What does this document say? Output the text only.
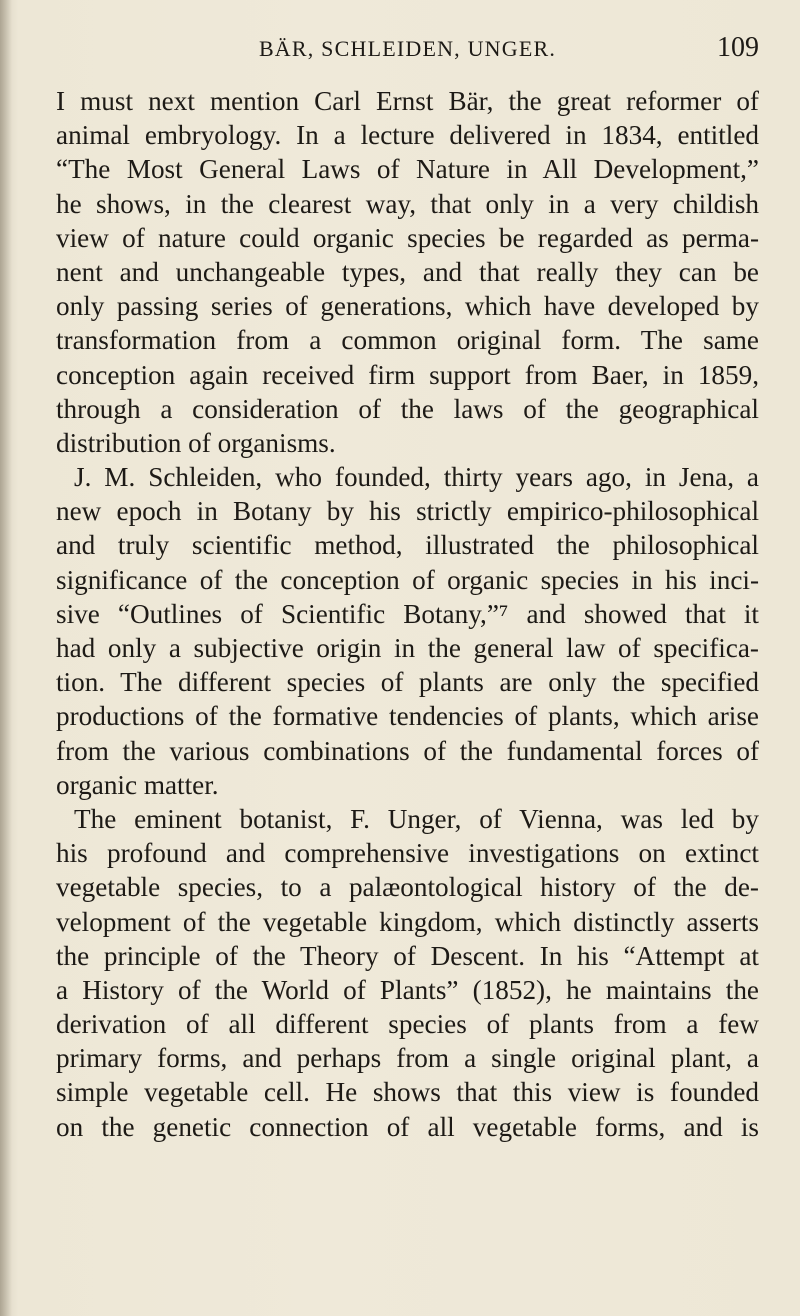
BÄR, SCHLEIDEN, UNGER.	109
I must next mention Carl Ernst Bär, the great reformer of
animal embryology. In a lecture delivered in 1834, entitled
“The Most General Laws of Nature in All Development,”
he shows, in the clearest way, that only in a very childish
view of nature could organic species be regarded as perma-
nent and unchangeable types, and that really they can be
only passing series of generations, which have developed by
transformation from a common original form. The same
conception again received firm support from Baer, in 1859,
through a consideration of the laws of the geographical
distribution of organisms.
J. M. Schleiden, who founded, thirty years ago, in Jena, a
new epoch in Botany by his strictly empirico-philosophical
and truly scientific method, illustrated the philosophical
significance of the conception of organic species in his inci-
sive “Outlines of Scientific Botany,”⁷ and showed that it
had only a subjective origin in the general law of specifica-
tion. The different species of plants are only the specified
productions of the formative tendencies of plants, which arise
from the various combinations of the fundamental forces of
organic matter.
The eminent botanist, F. Unger, of Vienna, was led by
his profound and comprehensive investigations on extinct
vegetable species, to a palæontological history of the de-
velopment of the vegetable kingdom, which distinctly asserts
the principle of the Theory of Descent. In his “Attempt at
a History of the World of Plants” (1852), he maintains the
derivation of all different species of plants from a few
primary forms, and perhaps from a single original plant, a
simple vegetable cell. He shows that this view is founded
on the genetic connection of all vegetable forms, and is
